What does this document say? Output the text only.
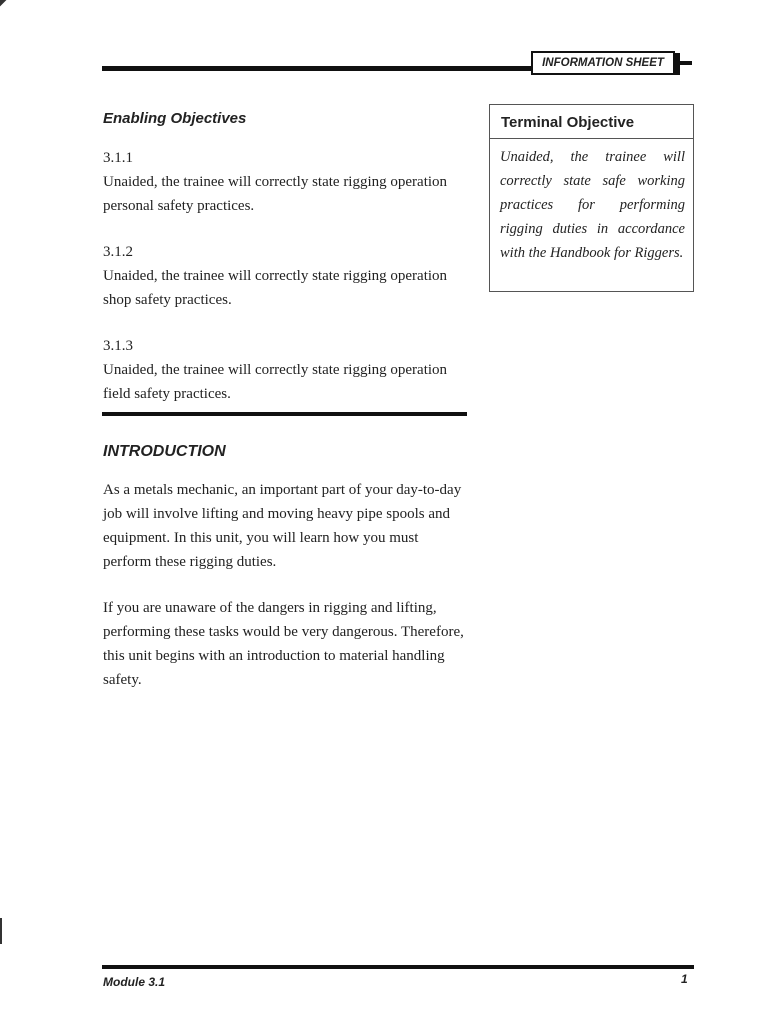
INFORMATION SHEET
Enabling Objectives
3.1.1
Unaided, the trainee will correctly state rigging operation personal safety practices.
3.1.2
Unaided, the trainee will correctly state rigging operation shop safety practices.
3.1.3
Unaided, the trainee will correctly state rigging operation field safety practices.
Terminal Objective
Unaided, the trainee will correctly state safe working practices for performing rigging duties in accordance with the Handbook for Riggers.
INTRODUCTION
As a metals mechanic, an important part of your day-to-day job will involve lifting and moving heavy pipe spools and equipment. In this unit, you will learn how you must perform these rigging duties.
If you are unaware of the dangers in rigging and lifting, performing these tasks would be very dangerous. Therefore, this unit begins with an introduction to material handling safety.
Module 3.1	1
